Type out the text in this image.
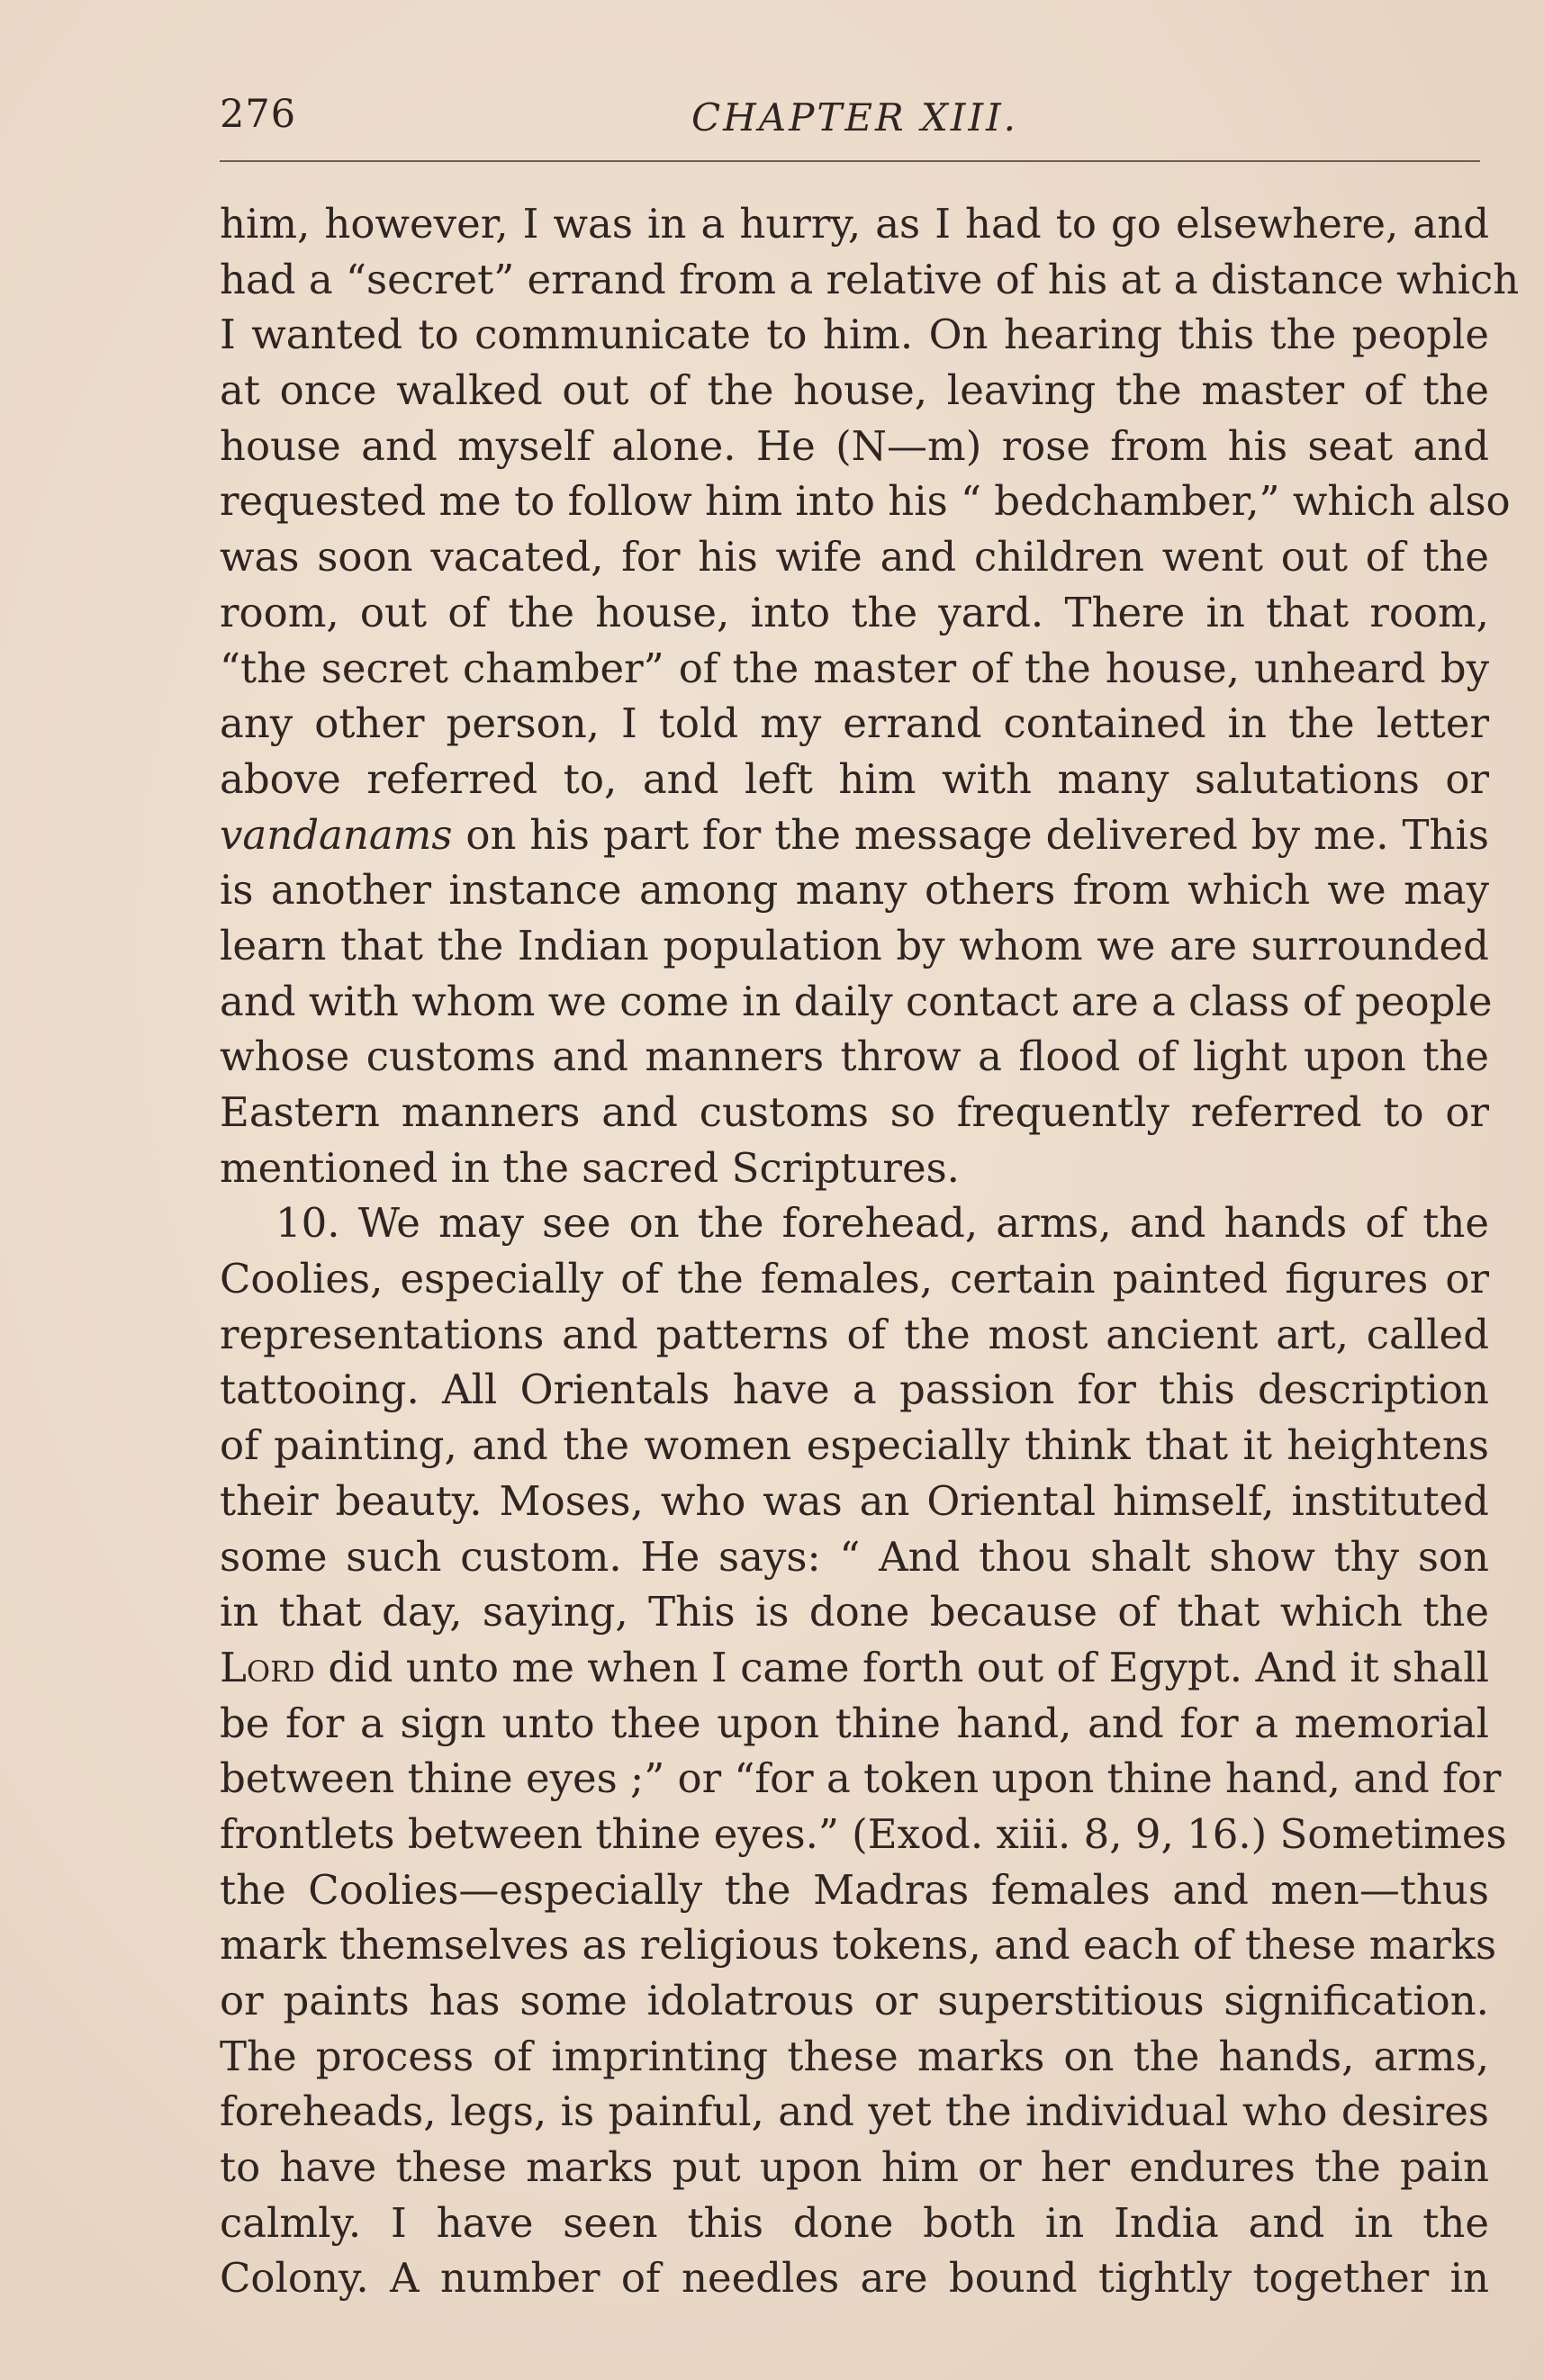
276	CHAPTER XIII.
him, however, I was in a hurry, as I had to go elsewhere, and
had a “secret” errand from a relative of his at a distance which
I wanted to communicate to him. On hearing this the people
at once walked out of the house, leaving the master of the
house and myself alone. He (N—m) rose from his seat and
requested me to follow him into his “ bedchamber,” which also
was soon vacated, for his wife and children went out of the
room, out of the house, into the yard. There in that room,
“the secret chamber” of the master of the house, unheard by
any other person, I told my errand contained in the letter
above referred to, and left him with many salutations or
vandanams on his part for the message delivered by me. This
is another instance among many others from which we may
learn that the Indian population by whom we are surrounded
and with whom we come in daily contact are a class of people
whose customs and manners throw a flood of light upon the
Eastern manners and customs so frequently referred to or
mentioned in the sacred Scriptures.
10. We may see on the forehead, arms, and hands of the
Coolies, especially of the females, certain painted figures or
representations and patterns of the most ancient art, called
tattooing. All Orientals have a passion for this description
of painting, and the women especially think that it heightens
their beauty. Moses, who was an Oriental himself, instituted
some such custom. He says: “ And thou shalt show thy son
in that day, saying, This is done because of that which the
Lord did unto me when I came forth out of Egypt. And it shall
be for a sign unto thee upon thine hand, and for a memorial
between thine eyes ;” or “for a token upon thine hand, and for
frontlets between thine eyes.” (Exod. xiii. 8, 9, 16.) Sometimes
the Coolies—especially the Madras females and men—thus
mark themselves as religious tokens, and each of these marks
or paints has some idolatrous or superstitious signification.
The process of imprinting these marks on the hands, arms,
foreheads, legs, is painful, and yet the individual who desires
to have these marks put upon him or her endures the pain
calmly. I have seen this done both in India and in the
Colony. A number of needles are bound tightly together in
